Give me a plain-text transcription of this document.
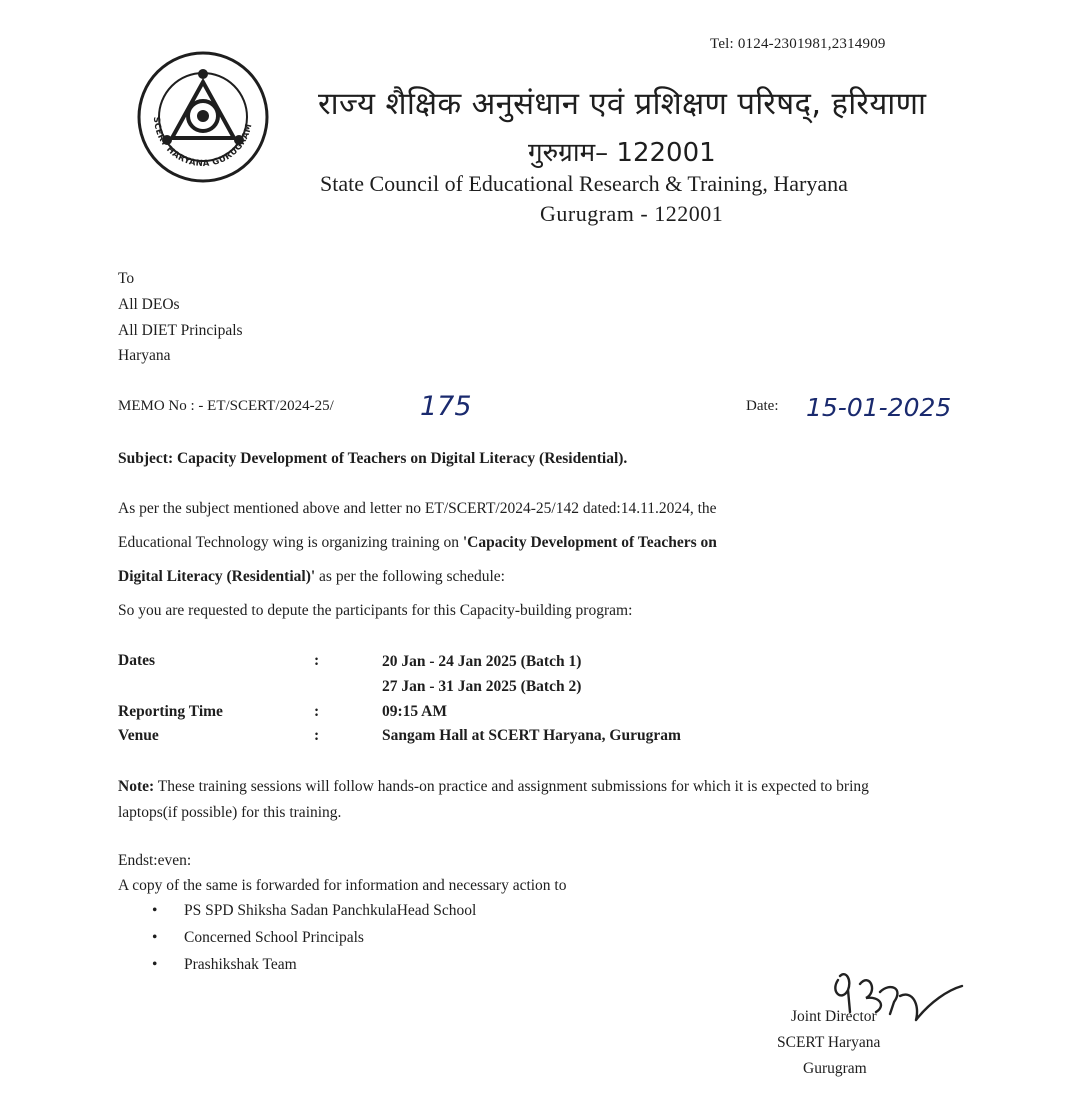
Tel: 0124-2301981,2314909
SCERT HARYANA GURUGRAM
राज्य शैक्षिक अनुसंधान एवं प्रशिक्षण परिषद्, हरियाणा
गुरुग्राम– 122001
State Council of Educational Research & Training, Haryana
Gurugram - 122001
To
All DEOs
All DIET Principals
Haryana
MEMO No : - ET/SCERT/2024-25/	175	Date: 15-01-2025
Subject: Capacity Development of Teachers on Digital Literacy (Residential).
As per the subject mentioned above and letter no ET/SCERT/2024-25/142 dated:14.11.2024, the
Educational Technology wing is organizing training on 'Capacity Development of Teachers on
Digital Literacy (Residential)' as per the following schedule:
So you are requested to depute the participants for this Capacity-building program:
Dates	:	20 Jan - 24 Jan 2025 (Batch 1)
27 Jan - 31 Jan 2025 (Batch 2)
Reporting Time	:	09:15 AM
Venue	:	Sangam Hall at SCERT Haryana, Gurugram
Note: These training sessions will follow hands-on practice and assignment submissions for which it is expected to bring laptops(if possible) for this training.
Endst:even:
A copy of the same is forwarded for information and necessary action to
• PS SPD Shiksha Sadan PanchkulaHead School
• Concerned School Principals
• Prashikshak Team
Joint Director
SCERT Haryana
Gurugram
